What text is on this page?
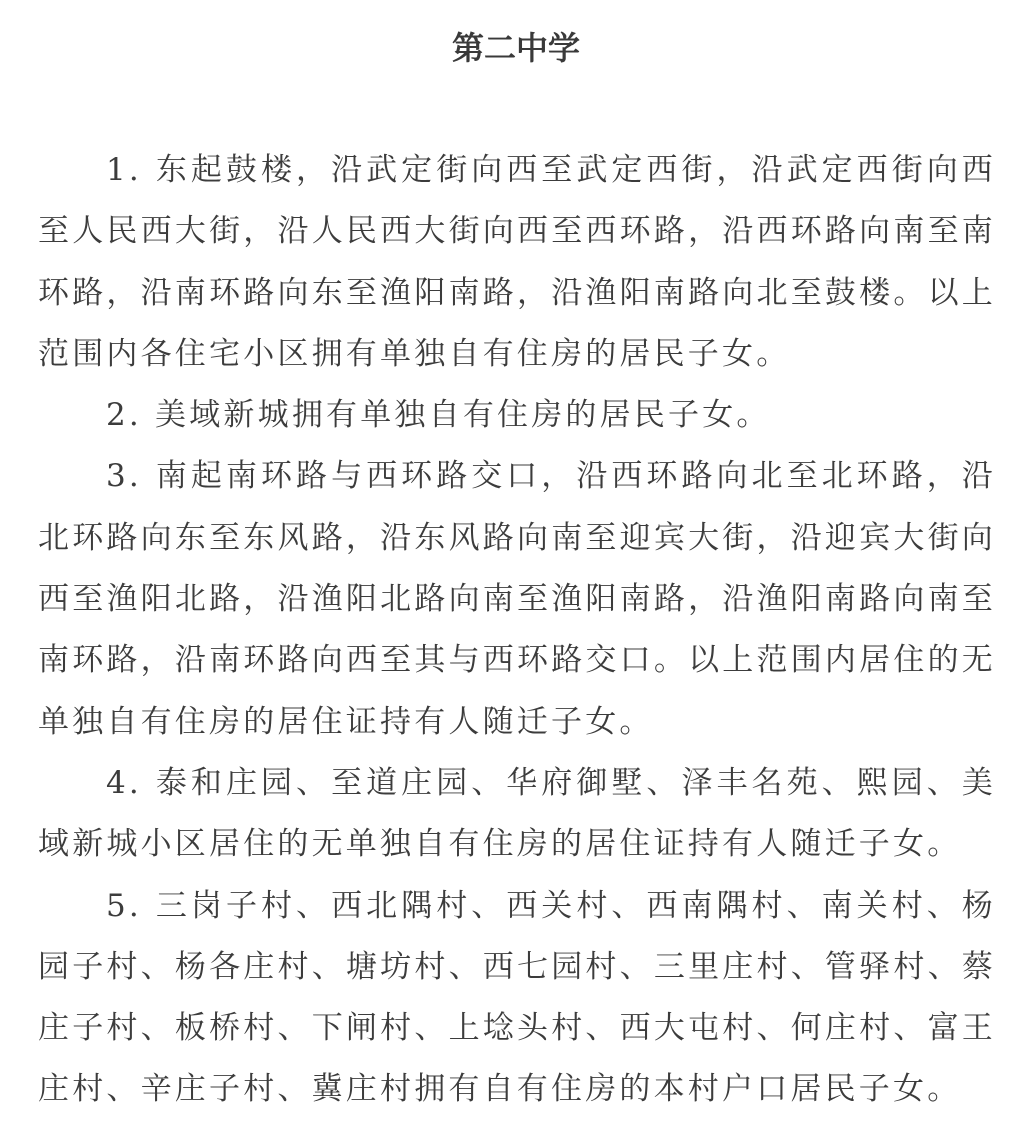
第二中学

1. 东起鼓楼，沿武定街向西至武定西街，沿武定西街向西至人民西大街，沿人民西大街向西至西环路，沿西环路向南至南环路，沿南环路向东至渔阳南路，沿渔阳南路向北至鼓楼。以上范围内各住宅小区拥有单独自有住房的居民子女。

2. 美域新城拥有单独自有住房的居民子女。

3. 南起南环路与西环路交口，沿西环路向北至北环路，沿北环路向东至东风路，沿东风路向南至迎宾大街，沿迎宾大街向西至渔阳北路，沿渔阳北路向南至渔阳南路，沿渔阳南路向南至南环路，沿南环路向西至其与西环路交口。以上范围内居住的无单独自有住房的居住证持有人随迁子女。

4. 泰和庄园、至道庄园、华府御墅、泽丰名苑、熙园、美域新城小区居住的无单独自有住房的居住证持有人随迁子女。

5. 三岗子村、西北隅村、西关村、西南隅村、南关村、杨园子村、杨各庄村、塘坊村、西七园村、三里庄村、管驿村、蔡庄子村、板桥村、下闸村、上埝头村、西大屯村、何庄村、富王庄村、辛庄子村、冀庄村拥有自有住房的本村户口居民子女。
